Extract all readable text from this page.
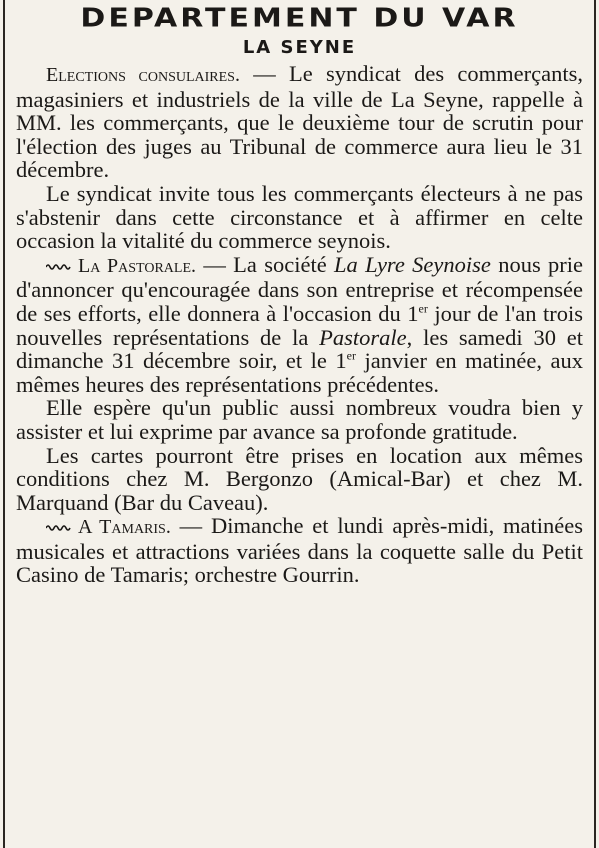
DEPARTEMENT DU VAR
LA SEYNE

Elections consulaires. — Le syndicat des commerçants, magasiniers et industriels de la ville de La Seyne, rappelle à MM. les commerçants, que le deuxième tour de scrutin pour l'élection des juges au Tribunal de commerce aura lieu le 31 décembre.

Le syndicat invite tous les commerçants électeurs à ne pas s'abstenir dans cette circonstance et à affirmer en celte occasion la vitalité du commerce seynois.

La Pastorale. — La société La Lyre Seynoise nous prie d'annoncer qu'encouragée dans son entreprise et récompensée de ses efforts, elle donnera à l'occasion du 1er jour de l'an trois nouvelles représentations de la Pastorale, les samedi 30 et dimanche 31 décembre soir, et le 1er janvier en matinée, aux mêmes heures des représentations précédentes.

Elle espère qu'un public aussi nombreux voudra bien y assister et lui exprime par avance sa profonde gratitude.

Les cartes pourront être prises en location aux mêmes conditions chez M. Bergonzo (Amical-Bar) et chez M. Marquand (Bar du Caveau).

A Tamaris. — Dimanche et lundi après-midi, matinées musicales et attractions variées dans la coquette salle du Petit Casino de Tamaris; orchestre Gourrin.
